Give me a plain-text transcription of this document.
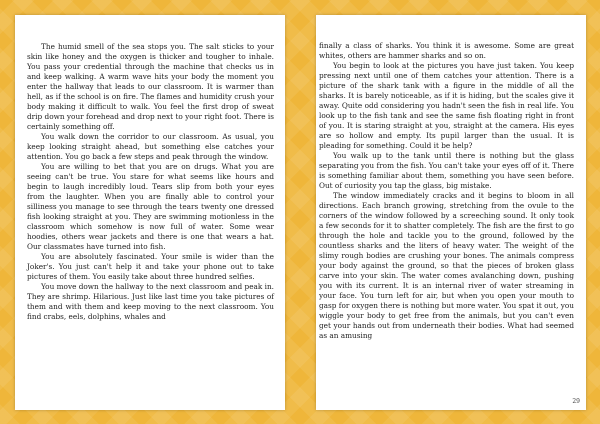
The humid smell of the sea stops you. The salt sticks to your skin like honey and the oxygen is thicker and tougher to inhale. You pass your credential through the machine that checks us in and keep walking. A warm wave hits your body the moment you enter the hallway that leads to our classroom. It is warmer than hell, as if the school is on fire. The flames and humidity crush your body making it difficult to walk. You feel the first drop of sweat drip down your forehead and drop next to your right foot. There is certainly something off.

You walk down the corridor to our classroom. As usual, you keep looking straight ahead, but something else catches your attention. You go back a few steps and peak through the window.

You are willing to bet that you are on drugs. What you are seeing can't be true. You stare for what seems like hours and begin to laugh incredibly loud. Tears slip from both your eyes from the laughter. When you are finally able to control your silliness you manage to see through the tears twenty one dressed fish looking straight at you. They are swimming motionless in the classroom which somehow is now full of water. Some wear hoodies, others wear jackets and there is one that wears a hat. Our classmates have turned into fish.

You are absolutely fascinated. Your smile is wider than the Joker's. You just can't help it and take your phone out to take pictures of them. You easily take about three hundred selfies.

You move down the hallway to the next classroom and peak in. They are shrimp. Hilarious. Just like last time you take pictures of them and with them and keep moving to the next classroom. You find crabs, eels, dolphins, whales and

finally a class of sharks. You think it is awesome. Some are great whites, others are hammer sharks and so on.

You begin to look at the pictures you have just taken. You keep pressing next until one of them catches your attention. There is a picture of the shark tank with a figure in the middle of all the sharks. It is barely noticeable, as if it is hiding, but the scales give it away. Quite odd considering you hadn't seen the fish in real life. You look up to the fish tank and see the same fish floating right in front of you. It is staring straight at you, straight at the camera. His eyes are so hollow and empty. Its pupil larger than the usual. It is pleading for something. Could it be help?

You walk up to the tank until there is nothing but the glass separating you from the fish. You can't take your eyes off of it. There is something familiar about them, something you have seen before. Out of curiosity you tap the glass, big mistake.

The window immediately cracks and it begins to bloom in all directions. Each branch growing, stretching from the ovule to the corners of the window followed by a screeching sound. It only took a few seconds for it to shatter completely. The fish are the first to go through the hole and tackle you to the ground, followed by the countless sharks and the liters of heavy water. The weight of the slimy rough bodies are crushing your bones. The animals compress your body against the ground, so that the pieces of broken glass carve into your skin. The water comes avalanching down, pushing you with its current. It is an internal river of water streaming in your face. You turn left for air, but when you open your mouth to gasp for oxygen there is nothing but more water. You spat it out, you wiggle your body to get free from the animals, but you can't even get your hands out from underneath their bodies. What had seemed as an amusing

29
